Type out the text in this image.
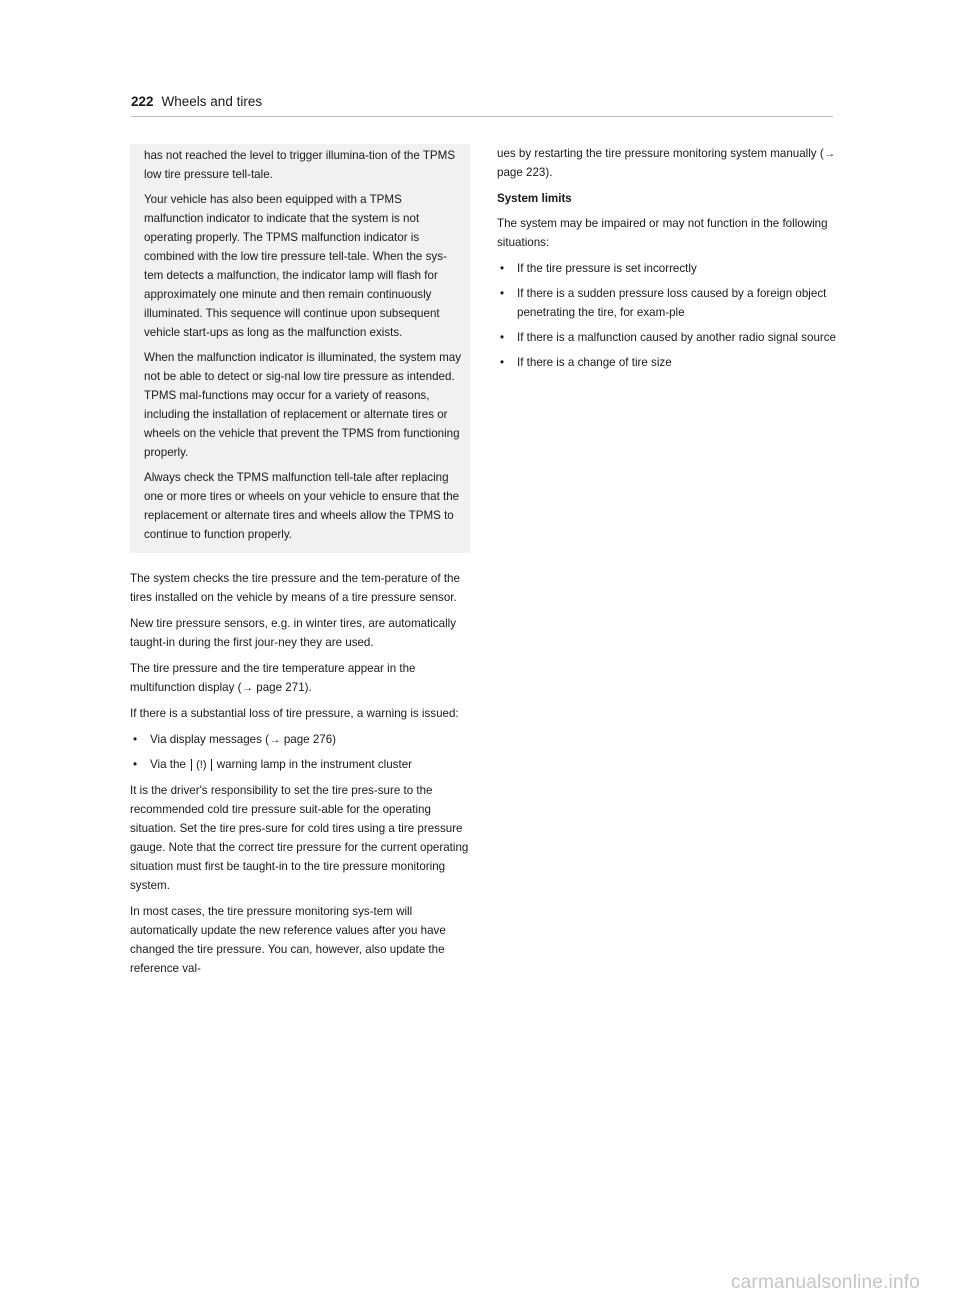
222 Wheels and tires

has not reached the level to trigger illumina-tion of the TPMS low tire pressure tell-tale.

Your vehicle has also been equipped with a TPMS malfunction indicator to indicate that the system is not operating properly. The TPMS malfunction indicator is combined with the low tire pressure tell-tale. When the sys-tem detects a malfunction, the indicator lamp will flash for approximately one minute and then remain continuously illuminated. This sequence will continue upon subsequent vehicle start-ups as long as the malfunction exists.

When the malfunction indicator is illuminated, the system may not be able to detect or sig-nal low tire pressure as intended. TPMS mal-functions may occur for a variety of reasons, including the installation of replacement or alternate tires or wheels on the vehicle that prevent the TPMS from functioning properly.

Always check the TPMS malfunction tell-tale after replacing one or more tires or wheels on your vehicle to ensure that the replacement or alternate tires and wheels allow the TPMS to continue to function properly.

The system checks the tire pressure and the tem-perature of the tires installed on the vehicle by means of a tire pressure sensor.

New tire pressure sensors, e.g. in winter tires, are automatically taught-in during the first jour-ney they are used.

The tire pressure and the tire temperature appear in the multifunction display (→ page 271).

If there is a substantial loss of tire pressure, a warning is issued:

• Via display messages (→ page 276)
• Via the (!) warning lamp in the instrument cluster

It is the driver's responsibility to set the tire pres-sure to the recommended cold tire pressure suit-able for the operating situation. Set the tire pres-sure for cold tires using a tire pressure gauge. Note that the correct tire pressure for the current operating situation must first be taught-in to the tire pressure monitoring system.

In most cases, the tire pressure monitoring sys-tem will automatically update the new reference values after you have changed the tire pressure. You can, however, also update the reference val-

ues by restarting the tire pressure monitoring system manually (→ page 223).

System limits

The system may be impaired or may not function in the following situations:

• If the tire pressure is set incorrectly
• If there is a sudden pressure loss caused by a foreign object penetrating the tire, for exam-ple
• If there is a malfunction caused by another radio signal source
• If there is a change of tire size
carmanualsonline.info
